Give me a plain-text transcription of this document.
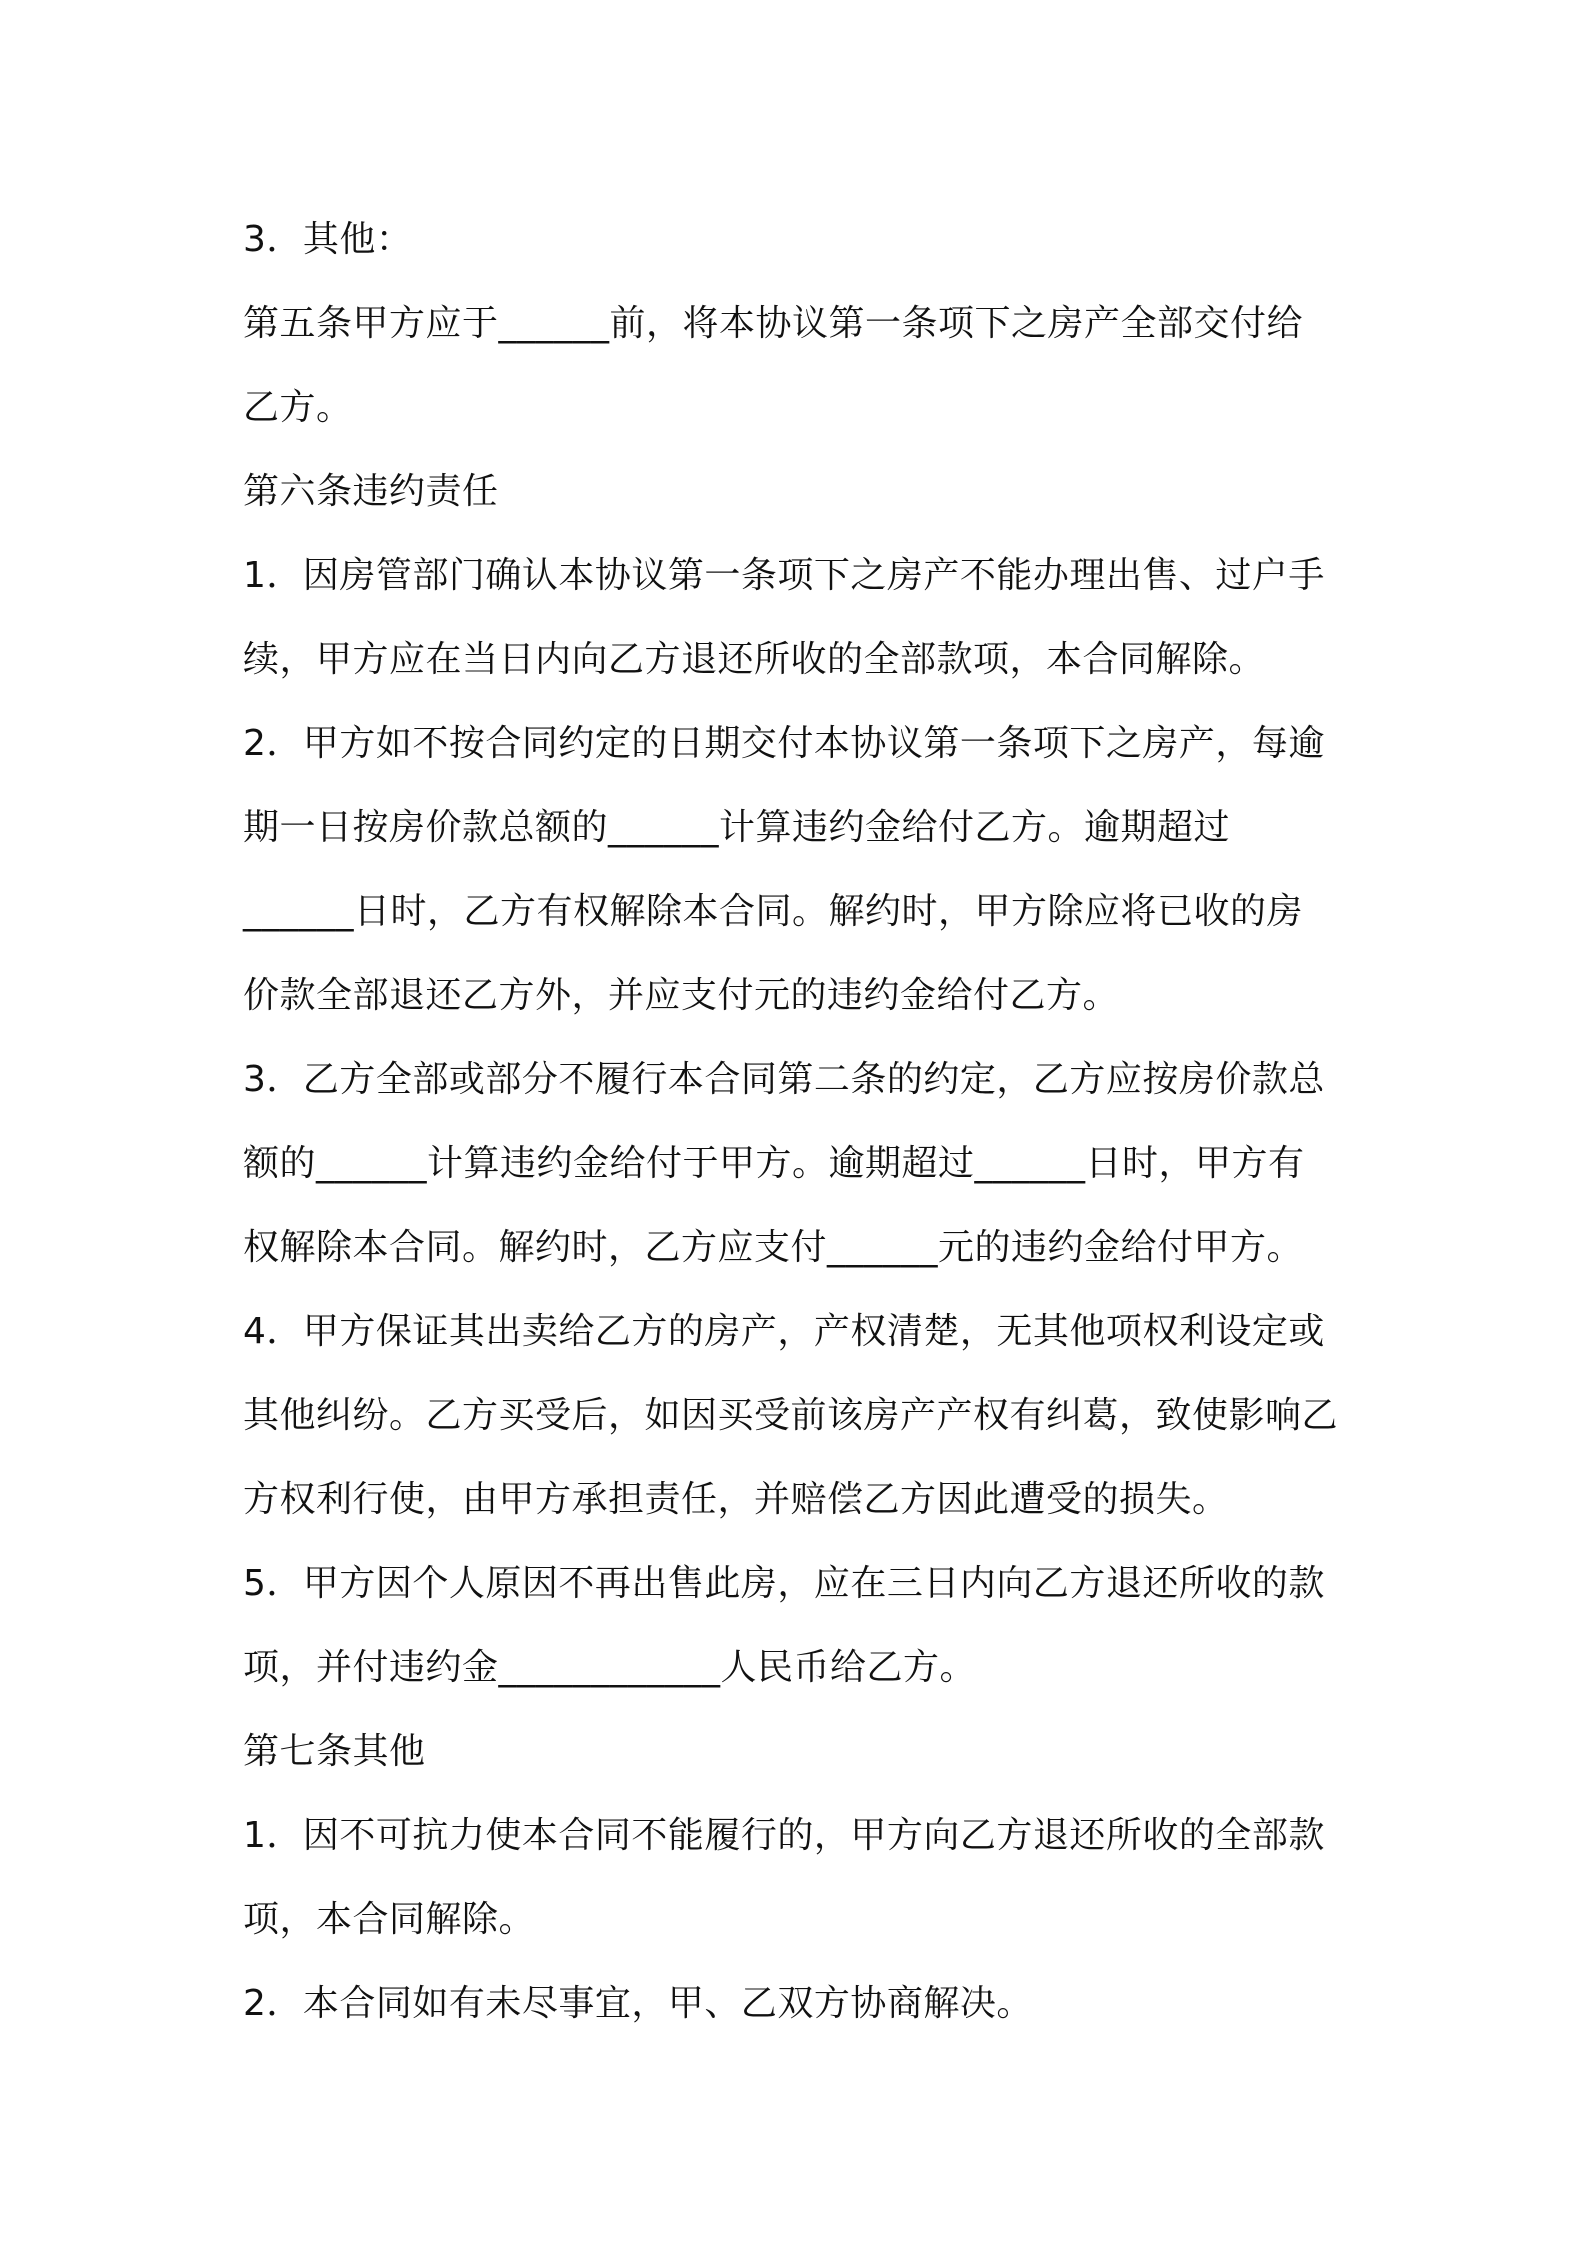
3．其他：

第五条甲方应于______前，将本协议第一条项下之房产全部交付给

乙方。

第六条违约责任

1．因房管部门确认本协议第一条项下之房产不能办理出售、过户手

续，甲方应在当日内向乙方退还所收的全部款项，本合同解除。

2．甲方如不按合同约定的日期交付本协议第一条项下之房产，每逾

期一日按房价款总额的______计算违约金给付乙方。逾期超过

______日时，乙方有权解除本合同。解约时，甲方除应将已收的房

价款全部退还乙方外，并应支付元的违约金给付乙方。

3．乙方全部或部分不履行本合同第二条的约定，乙方应按房价款总

额的______计算违约金给付于甲方。逾期超过______日时，甲方有

权解除本合同。解约时，乙方应支付______元的违约金给付甲方。

4．甲方保证其出卖给乙方的房产，产权清楚，无其他项权利设定或

其他纠纷。乙方买受后，如因买受前该房产产权有纠葛，致使影响乙

方权利行使，由甲方承担责任，并赔偿乙方因此遭受的损失。

5．甲方因个人原因不再出售此房，应在三日内向乙方退还所收的款

项，并付违约金____________人民币给乙方。

第七条其他

1．因不可抗力使本合同不能履行的，甲方向乙方退还所收的全部款

项，本合同解除。

2．本合同如有未尽事宜，甲、乙双方协商解决。
